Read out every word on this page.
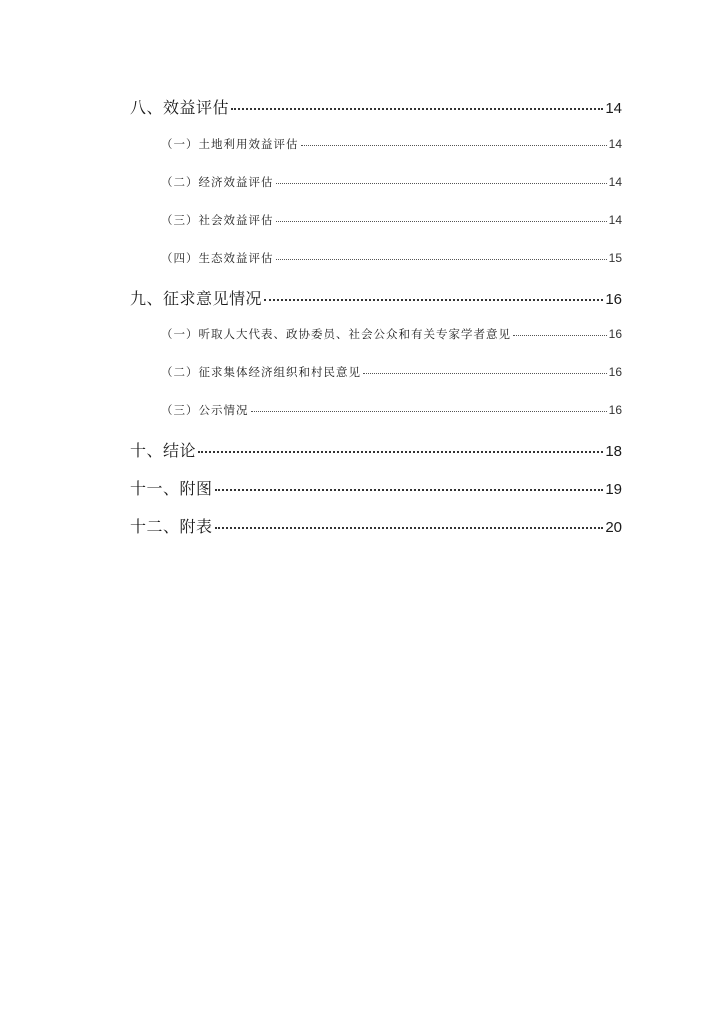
八、效益评估	14
（一）土地利用效益评估	14
（二）经济效益评估	14
（三）社会效益评估	14
（四）生态效益评估	15
九、征求意见情况	16
（一）听取人大代表、政协委员、社会公众和有关专家学者意见	16
（二）征求集体经济组织和村民意见	16
（三）公示情况	16
十、结论	18
十一、附图	19
十二、附表	20
